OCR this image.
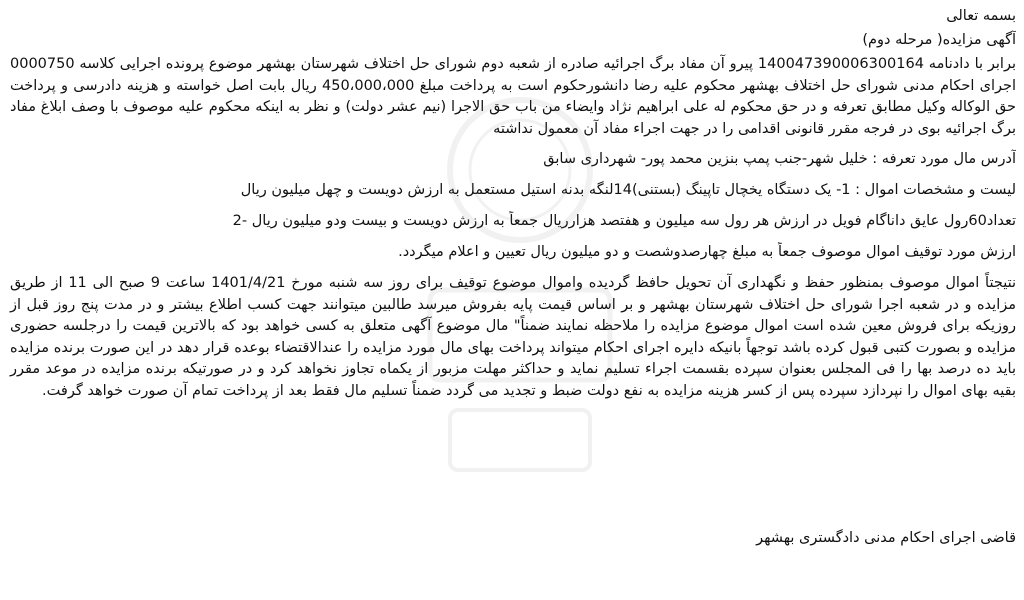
بسمه تعالی
آگهی مزایده( مرحله دوم)
برابر با دادنامه 140047390006300164 پیرو آن مفاد برگ اجرائیه صادره از شعبه دوم شورای حل اختلاف شهرستان بهشهر موضوع پرونده اجرایی کلاسه 0000750 اجرای احکام مدنی شورای حل اختلاف بهشهر محکوم علیه رضا دانشورحکوم است به پرداخت مبلغ 450،000،000 ریال بابت اصل خواسته و هزینه دادرسی و پرداخت حق الوکاله وکیل مطابق تعرفه و در حق محکوم له علی ابراهیم نژاد وایضاء من باب حق الاجرا (نیم عشر دولت) و نظر به اینکه محکوم علیه موصوف با وصف ابلاغ مفاد برگ اجرائیه بوی در فرجه مقرر قانونی اقدامی را در جهت اجراء مفاد آن معمول نداشته
آدرس مال مورد تعرفه : خلیل شهر-جنب پمپ بنزین محمد پور- شهرداری سابق
لیست و مشخصات اموال : 1- یک دستگاه یخچال تاپینگ (بستنی)14لنگه بدنه استیل مستعمل به ارزش دویست و چهل میلیون ریال
تعداد60رول عایق داناگام فویل در ارزش هر رول سه میلیون و هفتصد هزارریال جمعاً به ارزش دویست و بیست ودو میلیون ریال -2
ارزش مورد توقیف اموال موصوف جمعاً به مبلغ چهارصدوشصت و دو میلیون ریال تعیین و اعلام میگردد.
نتیجتاً اموال موصوف بمنظور حفظ و نگهداری آن تحویل حافظ گردیده واموال موضوع توقیف برای روز سه شنبه مورخ 1401/4/21 ساعت 9 صبح الی 11 از طریق مزایده و در شعبه اجرا شورای حل اختلاف شهرستان بهشهر و بر اساس قیمت پایه بفروش میرسد طالبین میتوانند جهت کسب اطلاع بیشتر و در مدت پنج روز قبل از روزیکه برای فروش معین شده است اموال موضوع مزایده را ملاحظه نمایند ضمناً" مال موضوع آگهی متعلق به کسی خواهد بود که بالاترین قیمت را درجلسه حضوری مزایده و بصورت کتبی قبول کرده باشد توجهاً بانیکه دایره اجرای احکام میتواند پرداخت بهای مال مورد مزایده را عندالاقتضاء بوعده قرار دهد در این صورت برنده مزایده باید ده درصد بها را فی المجلس بعنوان سپرده بقسمت اجراء تسلیم نماید و حداکثر مهلت مزبور از یکماه تجاوز نخواهد کرد و در صورتیکه برنده مزایده در موعد مقرر بقیه بهای اموال را نپردازد سپرده پس از کسر هزینه مزایده به نفع دولت ضبط و تجدید می گردد ضمناً تسلیم مال فقط بعد از پرداخت تمام آن صورت خواهد گرفت.
قاضی اجرای احکام مدنی دادگستری بهشهر
